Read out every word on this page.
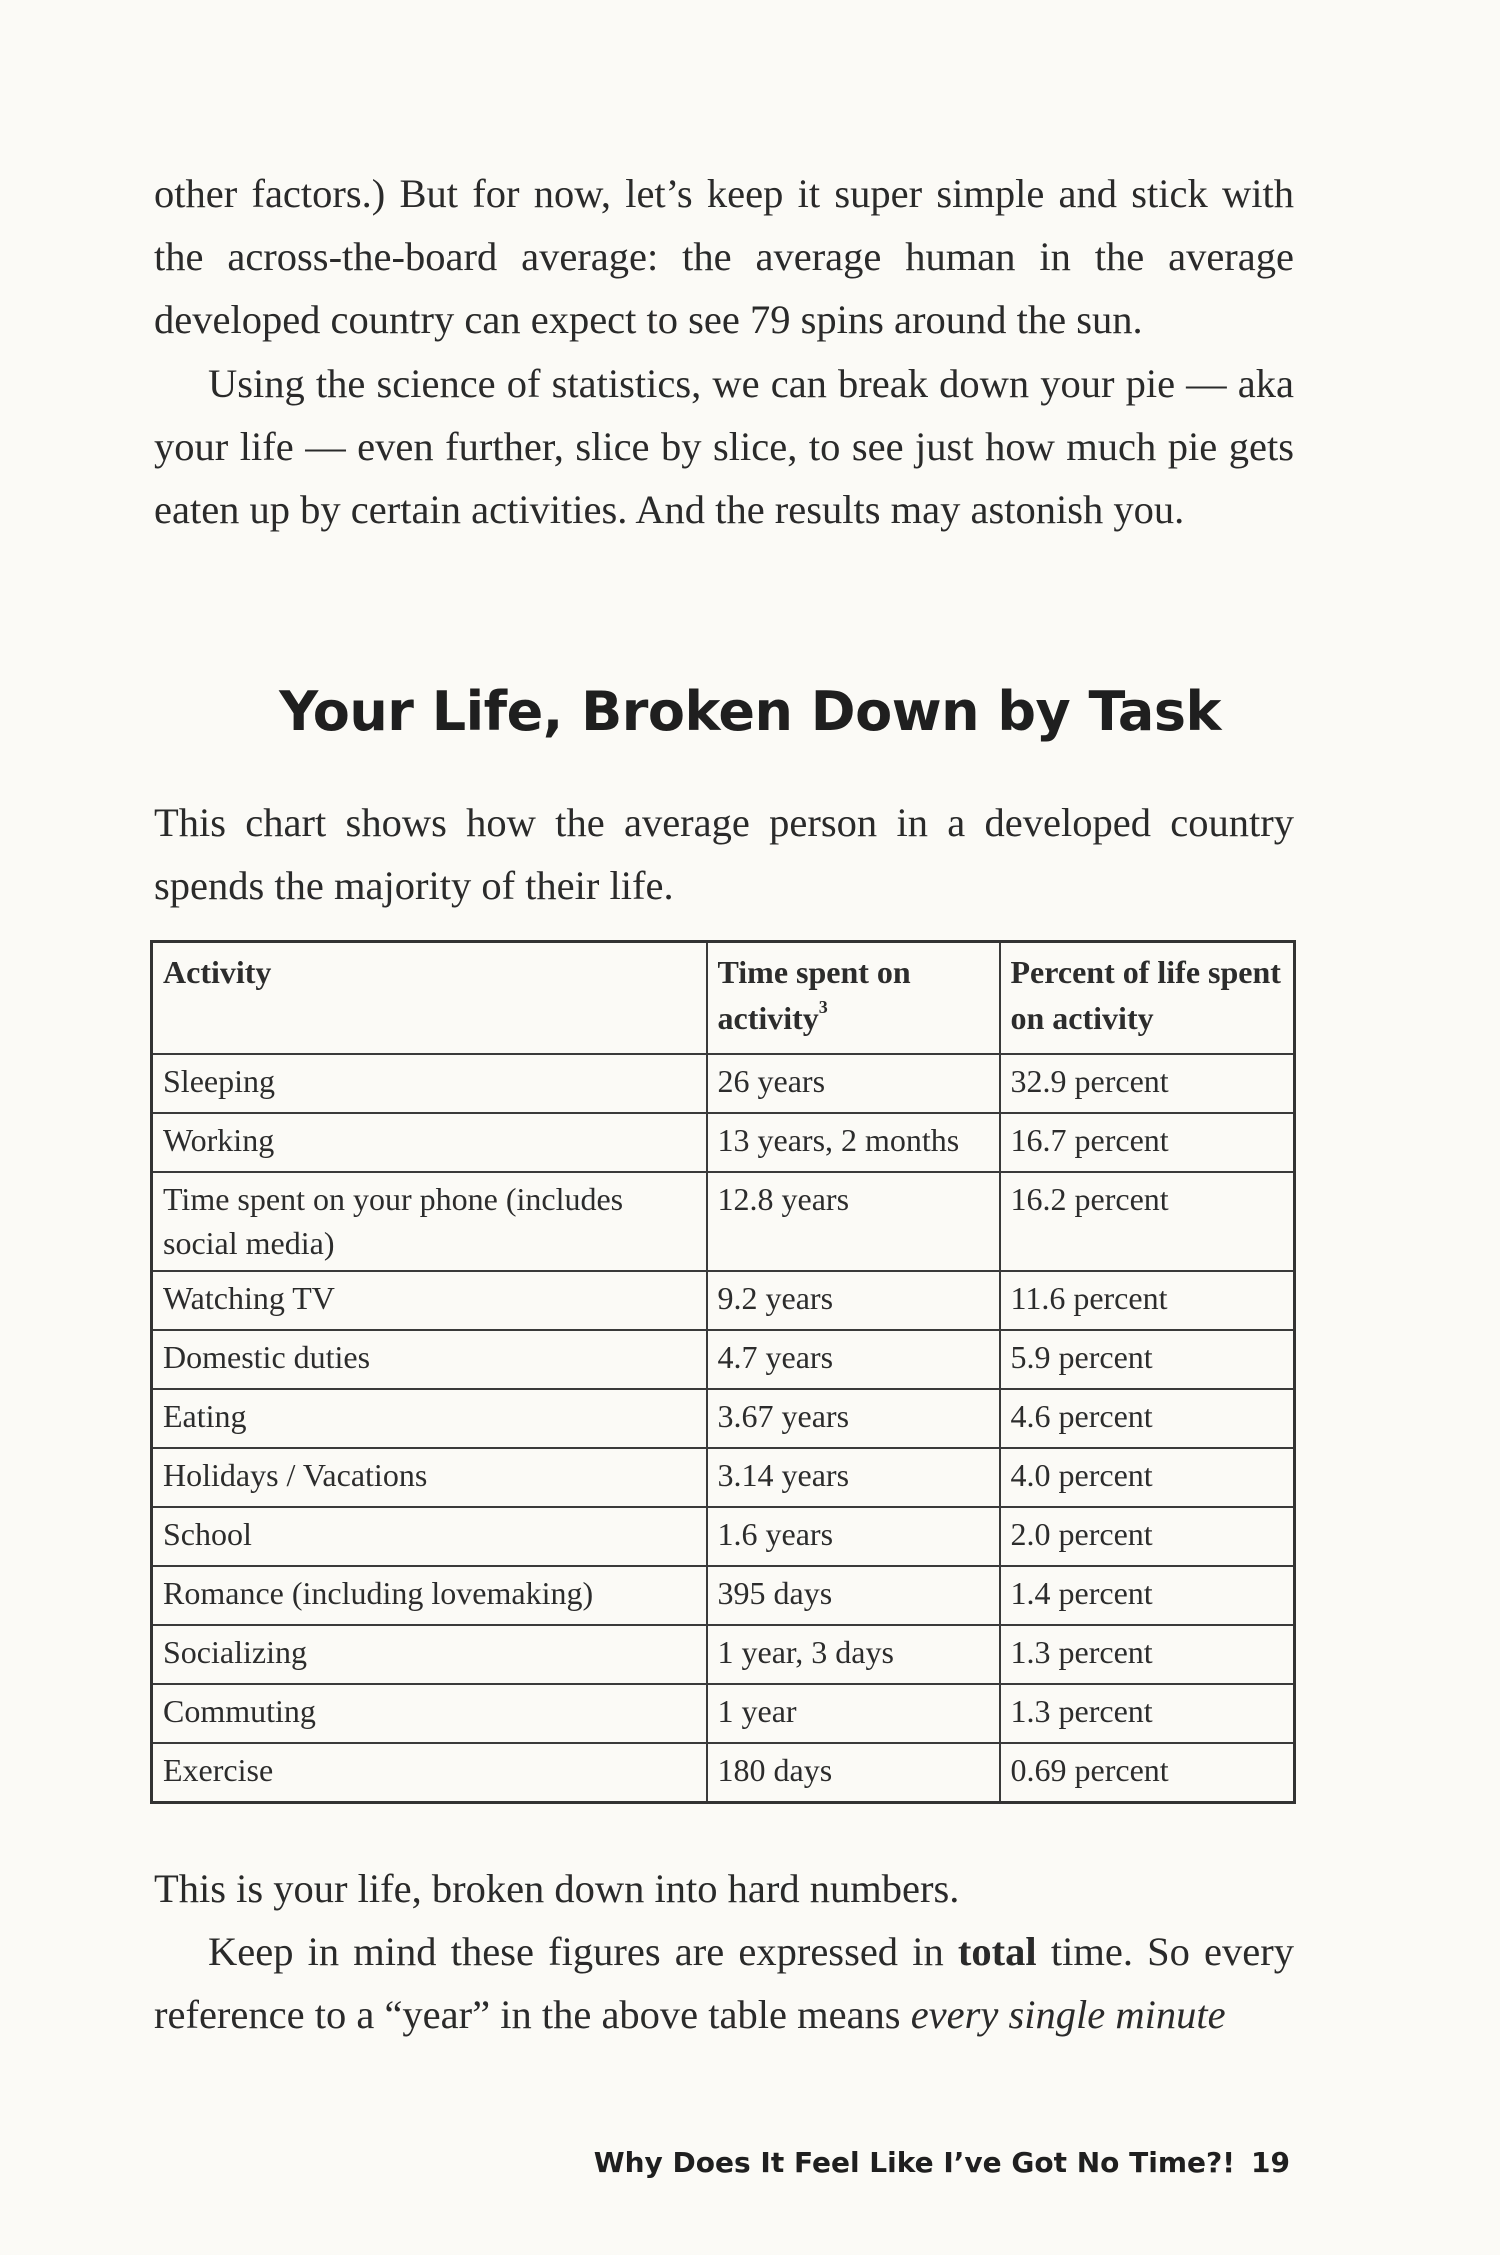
other factors.) But for now, let’s keep it super simple and stick with the across-the-board average: the average human in the average developed country can expect to see 79 spins around the sun.

Using the science of statistics, we can break down your pie — aka your life — even further, slice by slice, to see just how much pie gets eaten up by certain activities. And the results may astonish you.

Your Life, Broken Down by Task

This chart shows how the average person in a developed country spends the majority of their life.

Activity	Time spent on activity$^3$	Percent of life spent on activity
Sleeping	26 years	32.9 percent
Working	13 years, 2 months	16.7 percent
Time spent on your phone (includes social media)	12.8 years	16.2 percent
Watching TV	9.2 years	11.6 percent
Domestic duties	4.7 years	5.9 percent
Eating	3.67 years	4.6 percent
Holidays / Vacations	3.14 years	4.0 percent
School	1.6 years	2.0 percent
Romance (including lovemaking)	395 days	1.4 percent
Socializing	1 year, 3 days	1.3 percent
Commuting	1 year	1.3 percent
Exercise	180 days	0.69 percent

This is your life, broken down into hard numbers.

Keep in mind these figures are expressed in total time. So every reference to a “year” in the above table means every single minute

Why Does It Feel Like I’ve Got No Time?! 19
